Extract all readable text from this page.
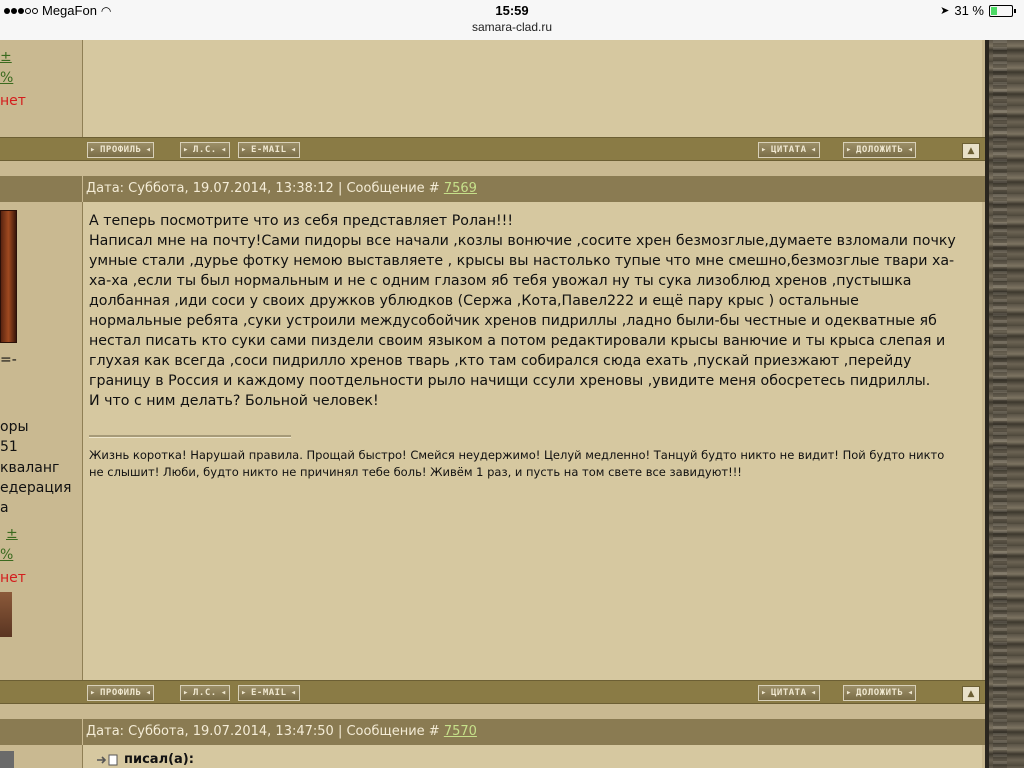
MegaFon ◠	15:59	➤ 31 %
samara-clad.ru
±
%
нет
▸ ПРОФИЛЬ ◂	▸ Л.С. ◂	▸ E-MAIL ◂	▸ ЦИТАТА ◂	▸ ДОЛОЖИТЬ ◂	▲
Дата: Суббота, 19.07.2014, 13:38:12 | Сообщение # 7569
=-
оры
51
кваланг
едерация
а
±
%
нет

А теперь посмотрите что из себя представляет Ролан!!!

Написал мне на почту!Сами пидоры все начали ,козлы вонючие ,сосите хрен безмозглые,думаете взломали почку

умные стали ,дурье фотку немою выставляете , крысы вы настолько тупые что мне смешно,безмозглые твари ха-

ха-ха ,если ты был нормальным и не с одним глазом яб тебя увожал ну ты сука лизоблюд хренов ,пустышка

долбанная ,иди соси у своих дружков ублюдков (Сержа ,Кота,Павел222 и ещё пару крыс ) остальные

нормальные ребята ,суки устроили междусобойчик хренов пидриллы ,ладно были-бы честные и одекватные яб

нестал писать кто суки сами пиздели своим языком а потом редактировали крысы ванючие и ты крыса слепая и

глухая как всегда ,соси пидрилло хренов тварь ,кто там собирался сюда ехать ,пускай приезжают ,перейду

границу в Россия и каждому поотдельности рыло начищи ссули хреновы ,увидите меня обосретесь пидриллы.

И что с ним делать? Больной человек!

Жизнь коротка! Нарушай правила. Прощай быстро! Смейся неудержимо! Целуй медленно! Танцуй будто никто не видит! Пой будто никто
не слышит! Люби, будто никто не причинял тебе боль! Живём 1 раз, и пусть на том свете все завидуют!!!
▸ ПРОФИЛЬ ◂	▸ Л.С. ◂	▸ E-MAIL ◂	▸ ЦИТАТА ◂	▸ ДОЛОЖИТЬ ◂	▲
Дата: Суббота, 19.07.2014, 13:47:50 | Сообщение # 7570
писал(а):
